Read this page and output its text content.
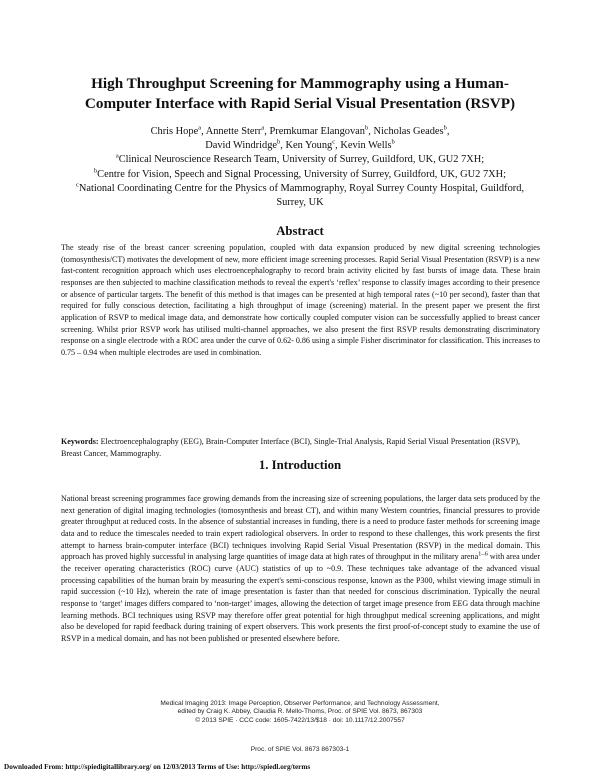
High Throughput Screening for Mammography using a Human-
Computer Interface with Rapid Serial Visual Presentation (RSVP)
Chris Hope$^a$, Annette Sterr$^a$, Premkumar Elangovan$^b$, Nicholas Geades$^b$,
David Windridge$^b$, Ken Young$^c$, Kevin Wells$^b$
$^a$Clinical Neuroscience Research Team, University of Surrey, Guildford, UK, GU2 7XH;
$^b$Centre for Vision, Speech and Signal Processing, University of Surrey, Guildford, UK, GU2 7XH;
$^c$National Coordinating Centre for the Physics of Mammography, Royal Surrey County Hospital, Guildford,
Surrey, UK
Abstract

The steady rise of the breast cancer screening population, coupled with data expansion produced by new digital screening technologies (tomosynthesis/CT) motivates the development of new, more efficient image screening processes. Rapid Serial Visual Presentation (RSVP) is a new fast-content recognition approach which uses electroencephalography to record brain activity elicited by fast bursts of image data. These brain responses are then subjected to machine classification methods to reveal the expert's ‘reflex’ response to classify images according to their presence or absence of particular targets. The benefit of this method is that images can be presented at high temporal rates (~10 per second), faster than that required for fully conscious detection, facilitating a high throughput of image (screening) material. In the present paper we present the first application of RSVP to medical image data, and demonstrate how cortically coupled computer vision can be successfully applied to breast cancer screening. Whilst prior RSVP work has utilised multi-channel approaches, we also present the first RSVP results demonstrating discriminatory response on a single electrode with a ROC area under the curve of 0.62- 0.86 using a simple Fisher discriminator for classification. This increases to 0.75 – 0.94 when multiple electrodes are used in combination.

Keywords: Electroencephalography (EEG), Brain-Computer Interface (BCI), Single-Trial Analysis, Rapid Serial Visual Presentation (RSVP), Breast Cancer, Mammography.

1. Introduction

National breast screening programmes face growing demands from the increasing size of screening populations, the larger data sets produced by the next generation of digital imaging technologies (tomosynthesis and breast CT), and within many Western countries, financial pressures to provide greater throughput at reduced costs. In the absence of substantial increases in funding, there is a need to produce faster methods for screening image data and to reduce the timescales needed to train expert radiological observers. In order to respond to these challenges, this work presents the first attempt to harness brain-computer interface (BCI) techniques involving Rapid Serial Visual Presentation (RSVP) in the medical domain. This approach has proved highly successful in analysing large quantities of image data at high rates of throughput in the military arena$^{1-6}$ with area under the receiver operating characteristics (ROC) curve (AUC) statistics of up to ~0.9. These techniques take advantage of the advanced visual processing capabilities of the human brain by measuring the expert's semi-conscious response, known as the P300, whilst viewing image stimuli in rapid succession (~10 Hz), wherein the rate of image presentation is faster than that needed for conscious discrimination. Typically the neural response to ‘target’ images differs compared to ‘non-target’ images, allowing the detection of target image presence from EEG data through machine learning methods. BCI techniques using RSVP may therefore offer great potential for high throughput medical screening applications, and might also be developed for rapid feedback during training of expert observers. This work presents the first proof-of-concept study to examine the use of RSVP in a medical domain, and has not been published or presented elsewhere before.

Medical Imaging 2013: Image Perception, Observer Performance, and Technology Assessment,
edited by Craig K. Abbey, Claudia R. Mello-Thoms, Proc. of SPIE Vol. 8673, 867303
© 2013 SPIE · CCC code: 1605-7422/13/$18 · doi: 10.1117/12.2007557
Proc. of SPIE Vol. 8673 867303-1
Downloaded From: http://spiedigitallibrary.org/ on 12/03/2013 Terms of Use: http://spiedl.org/terms
